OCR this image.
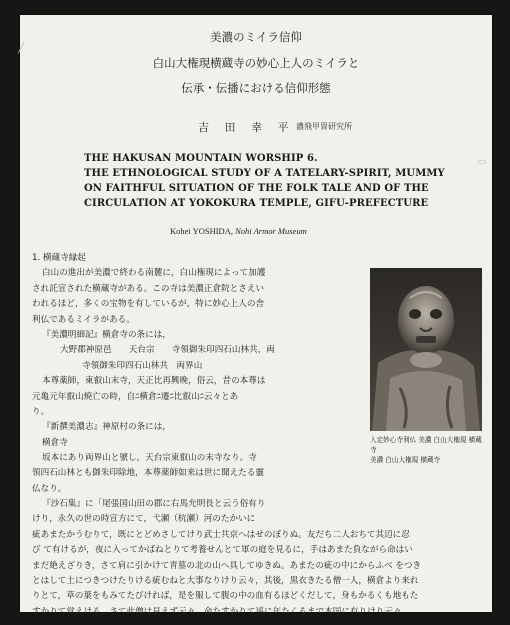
╱
▭
美濃のミイラ信仰
白山大権現横蔵寺の妙心上人のミイラと
伝承・伝播における信仰形態
吉 田 幸 平 濃飛甲冑研究所
THE HAKUSAN MOUNTAIN WORSHIP 6.
THE ETHNOLOGICAL STUDY OF A TATELARY-SPIRIT, MUMMY
ON FAITHFUL SITUATION OF THE FOLK TALE AND OF THE
CIRCULATION AT YOKOKURA TEMPLE, GIFU-PREFECTURE
Kohei YOSHIDA, Nohi Armor Museum
1. 横蔵寺縁起
白山の進出が美濃で終わる南麓に，白山権現によって加護
され託宣された横蔵寺がある。この寺は美濃正倉院とさえい
われるほど，多くの宝物を有しているが，特に妙心上人の舎
利仏であるミイラがある。
『美濃明細記』横倉寺の条には，
大野郡神原邑　　天台宗　　寺領御朱印四石山林共，両
寺領御朱印四石山林共　両界山
本尊薬師，東叡山末寺，天正比再興晚，俗云，昔の本尊は
元亀元年叡山焼亡の時，自ﾆ横倉ﾆ遷ﾆ比叡山ﾆ云々とあ
り。
『新撰美濃志』神原村の条には，
横倉寺
坂本にあり両界山と號し，天台宗東叡山の末寺なり。寺
領四石山林とも御朱印除地，本尊薬師如来は世に聞えたる靈
仏なり。
『沙石集』に「尾張国山田の郡に右馬允明長と云う俗有り
けり，永久の世の時宣方にて，弋瀬（杭瀬）河のたかいに
疵あまたかうむりて，既にとどめさしてけり武士共京へはせのぼりぬ。友だち二人おちて其辺に忍
び て有けるが，夜に入ってかばねとりて考養せんとて軍の庭を見るに，手はあまた負ながら命はい
まだ絶えざりき，さて肩に引かけて青墓の北の山へ具してゆきぬ。あまたの疵の中にからふべ をつき
とはして土につきつけたりける疵むねと大事なりけり云々，其後，黒衣きたる僧一人，横倉より来れ
りとて，草の葉をもみてたびければ，是を服して腹の中の血有るほどくだして，身もかるくも地もた
すかりて覚えける。さて此僧は見えず云々，命たすかりて遥に年たくるまで本国に有りけり云々，
入定妙心寺利仏 美濃 白山大権現 横蔵寺
美濃 白山大権現 横蔵寺
